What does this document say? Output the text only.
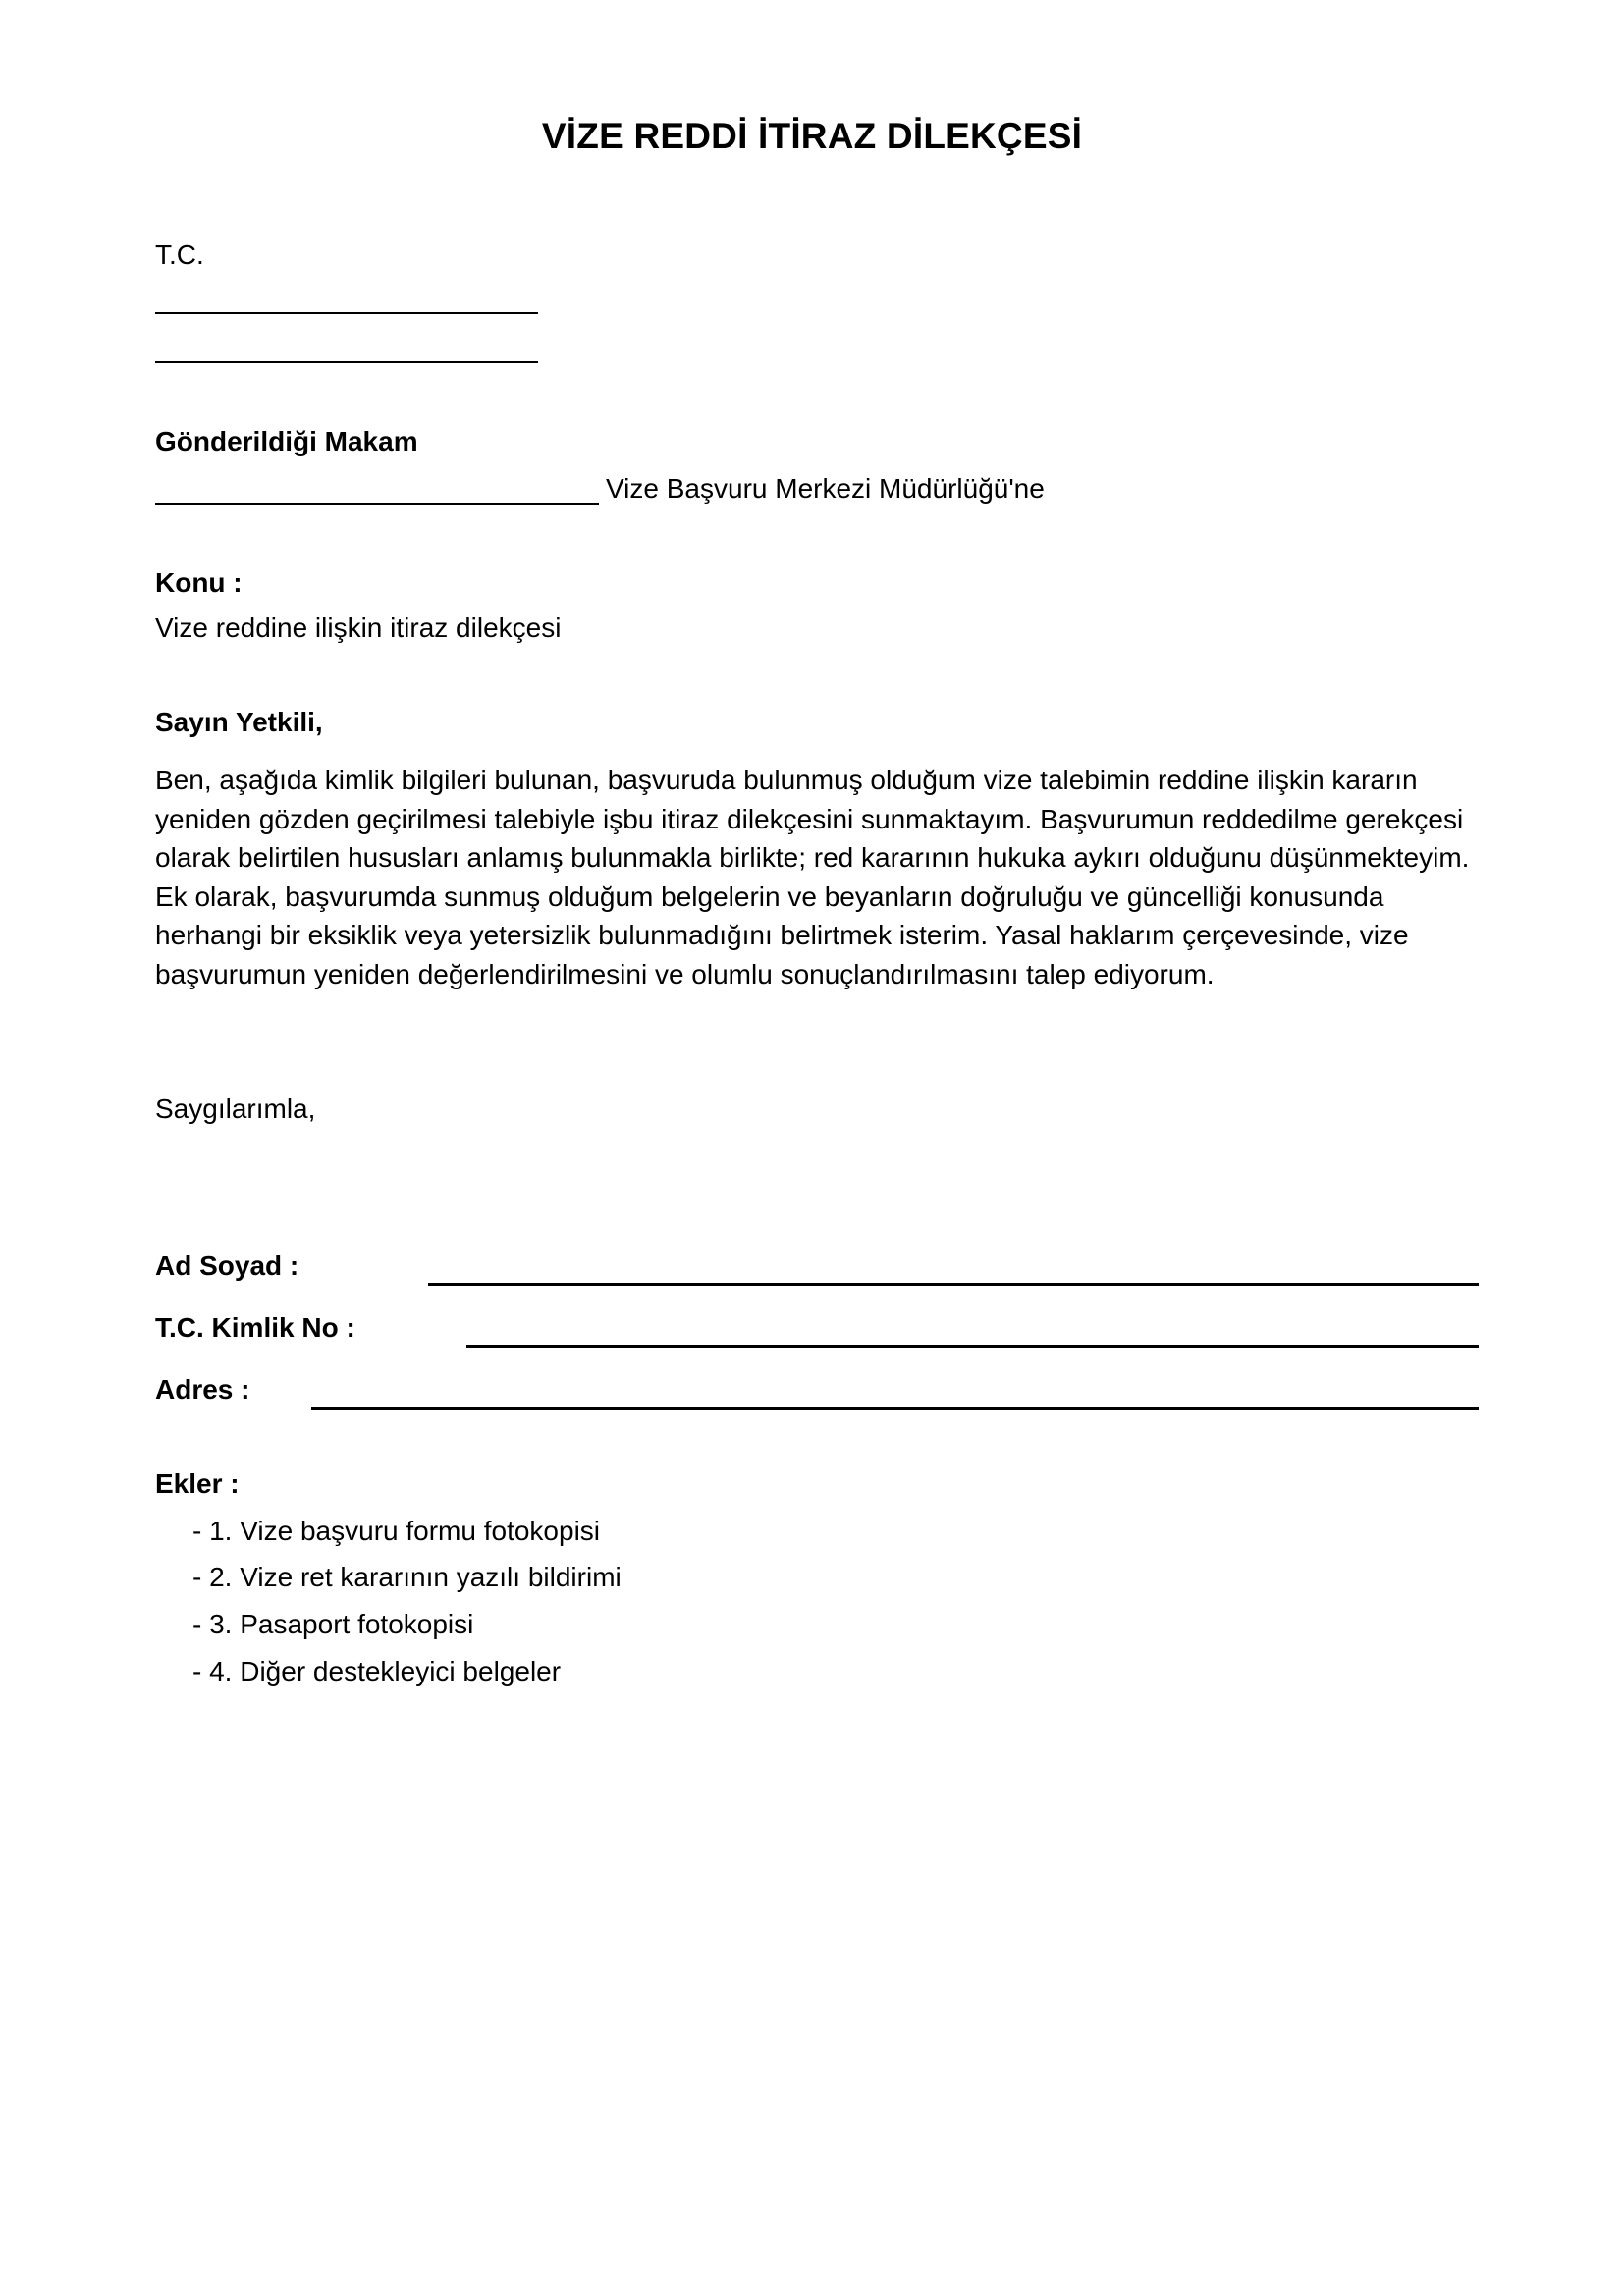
VİZE REDDİ İTİRAZ DİLEKÇESİ
T.C.
Gönderildiği Makam
Vize Başvuru Merkezi Müdürlüğü'ne
Konu :
Vize reddine ilişkin itiraz dilekçesi
Sayın Yetkili,
Ben, aşağıda kimlik bilgileri bulunan, başvuruda bulunmuş olduğum vize talebimin reddine ilişkin kararın
yeniden gözden geçirilmesi talebiyle işbu itiraz dilekçesini sunmaktayım. Başvurumun reddedilme gerekçesi
olarak belirtilen hususları anlamış bulunmakla birlikte; red kararının hukuka aykırı olduğunu düşünmekteyim.
Ek olarak, başvurumda sunmuş olduğum belgelerin ve beyanların doğruluğu ve güncelliği konusunda
herhangi bir eksiklik veya yetersizlik bulunmadığını belirtmek isterim. Yasal haklarım çerçevesinde, vize
başvurumun yeniden değerlendirilmesini ve olumlu sonuçlandırılmasını talep ediyorum.
Saygılarımla,
Ad Soyad :
T.C. Kimlik No :
Adres :
Ekler :
- 1. Vize başvuru formu fotokopisi
- 2. Vize ret kararının yazılı bildirimi
- 3. Pasaport fotokopisi
- 4. Diğer destekleyici belgeler
